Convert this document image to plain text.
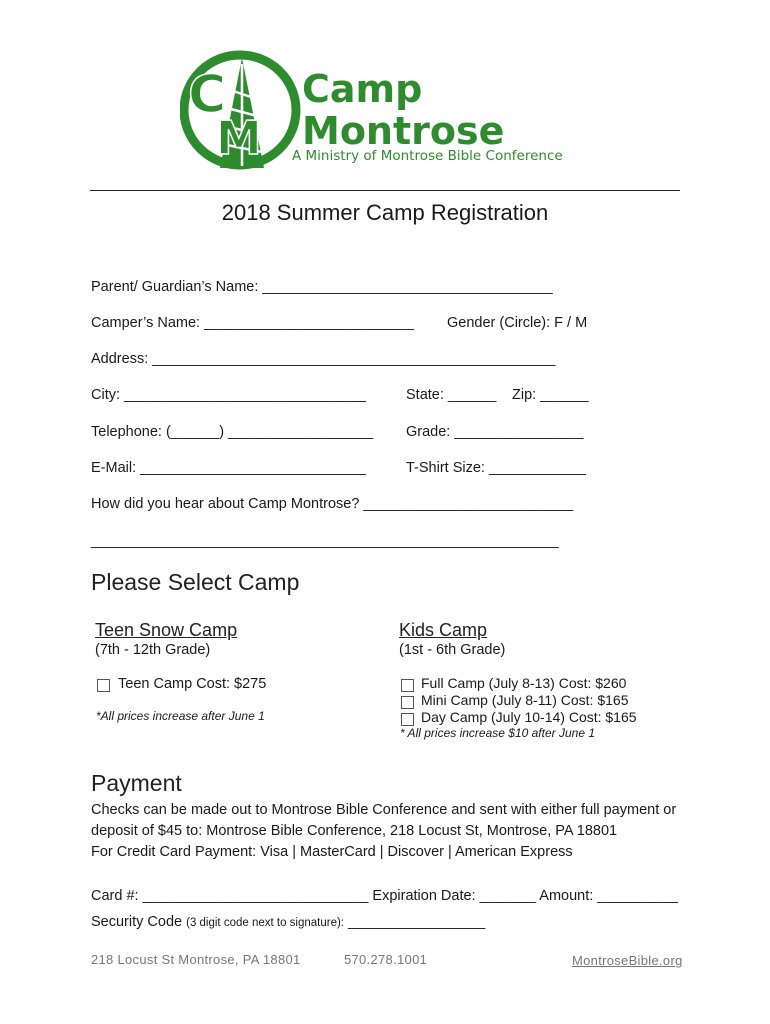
C
M
Camp
Montrose
A Ministry of Montrose Bible Conference
2018 Summer Camp Registration
Parent/ Guardian’s Name: ____________________________________
Camper’s Name: __________________________ Gender (Circle): F / M
Address: __________________________________________________
City: ______________________________	State: ______ Zip: ______
Telephone: (______) __________________ Grade: ________________
E-Mail: ____________________________	T-Shirt Size: ____________
How did you hear about Camp Montrose? __________________________
__________________________________________________________
Please Select Camp
Teen Snow Camp
(7th - 12th Grade)
Teen Camp Cost: $275
*All prices increase after June 1
Kids Camp
(1st - 6th Grade)
Full Camp (July 8-13) Cost: $260
Mini Camp (July 8-11) Cost: $165
Day Camp (July 10-14) Cost: $165
* All prices increase $10 after June 1
Payment
Checks can be made out to Montrose Bible Conference and sent with either full payment or
deposit of $45 to: Montrose Bible Conference, 218 Locust St, Montrose, PA 18801
For Credit Card Payment: Visa | MasterCard | Discover | American Express
Card #: ____________________________ Expiration Date: _______ Amount: __________
Security Code (3 digit code next to signature): _________________
218 Locust St Montrose, PA 18801	570.278.1001	MontroseBible.org
